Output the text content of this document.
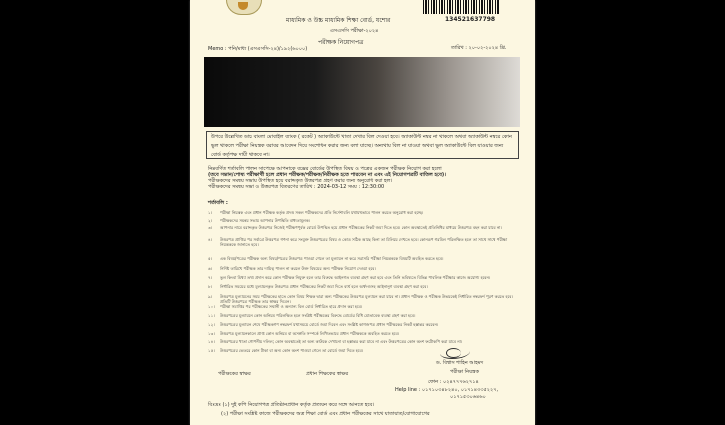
134521637798
মাধ্যমিক ও উচ্চ মাধ্যমিক শিক্ষা বোর্ড, যশোর
এসএসসি পরীক্ষা-২০২৪
Memo : পনি/মাধ্য (এসএসসি-২৪)/১৯২(৬০০০)
পরীক্ষক নিয়োগপত্র
তারিখ : ২০-০২-২০২৪ খ্রি.
উপরে উল্লেখিত ডাচ বাংলা মোবাইল ব্যাংক ( রকেট ) অ্যাকাউন্টে খাতা দেখার বিল দেওয়া হবে। অ্যাকাউন্ট নম্বর না থাকলে অথবা অ্যাকাউন্ট নম্বরে কোন ভুল থাকলে পরীক্ষা নিয়ন্ত্রক বরাবর আবেদন দিয়ে সংশোধন করার জন্য বলা যাচ্ছে। অন্যথায় বিল না যাওয়া অথবা ভুল অ্যাকাউন্টে বিল যাওয়ার জন্য বোর্ড কর্তৃপক্ষ দায়ী থাকবে না।
নিম্নবর্ণিত শর্তাবলি পালন সাপেক্ষে আপনাকে বক্সের বোর্ডের উপস্থিত বিষয় ও পত্রের একজন পরীক্ষক নিয়োগ করা হলো
(তবে সন্তান/পোষ্য পরীক্ষার্থী হলে প্রধান পরীক্ষক/পরীক্ষক/নিরীক্ষক হতে পারবেন না এবং এই নিয়োগপত্রটি বাতিল হবে)।
পরীক্ষকদের সমন্বয় সভায় উপস্থিত হয়ে বরাদ্দকৃত উত্তরপত্র গ্রহণ করার জন্য অনুরোধ করা হল।
পরীক্ষকদের সমন্বয় সভা ও উত্তরপত্র বিতরণের তারিখ : 2024-03-12 সময় : 12:30:00
শর্তাবলি :
১।	পরীক্ষা নিয়ন্ত্রক এবং প্রধান পরীক্ষক কর্তৃক প্রদত্ত সকল পরীক্ষকদের প্রতি নির্দেশাবলি যথাযথভাবে পালন করতে অনুরোধ করা হচ্ছে।
২।	পরীক্ষকদের সমন্বয় সভায় আপনার উপস্থিতি বাধ্যতামূলক।
৩।	আপনার নামে বরাদ্দকৃত উত্তরপত্র নিজেই পরীক্ষণপূর্বক বোর্ডে উপস্থিত হয়ে প্রধান পরীক্ষকের নিকট জমা দিতে হবে। কোন অবস্থাতেই প্রতিনিধির মাধ্যমে উত্তরপত্র বহন করা যাবে না।
৪।	উত্তরপত্র প্রাপ্তির পর সর্বাগ্রে উত্তরপত্র গণনা করে সংযুক্ত উত্তরপত্রের বিষয় ও কোড সঠিক আছে কিনা তা মিলিয়ে দেখতে হবে। কোনরূপ গরমিল পরিলক্ষিত হলে তা সাথে সাথে পরীক্ষা নিয়ন্ত্রককে জানাতে হবে।
৫।	এক বিষয়/পত্রের পরীক্ষক অন্য বিষয়/পত্রের উত্তরপত্র পাওয়া গেলে তা মূল্যায়ন না করে সরাসরি পরীক্ষা নিয়ন্ত্রককে বিষয়টি অবহিত করতে হবে।
৬।	নির্দিষ্ট তারিখে পরীক্ষক তার দায়িত্ব পালন না করলে উক্ত বিষয়ের অন্য পরীক্ষক নিয়োগ দেওয়া হবে।
৭।	ভুল কিংবা মিথ্যা তথ্য প্রদান করে কোন পরীক্ষক নিযুক্ত হলে তার বিরুদ্ধে আইনগত ব্যবস্থা গ্রহণ করা হবে এবং তিনি ভবিষ্যতে বিভিন্ন পাবলিক পরীক্ষার কাজে অযোগ্য হবেন।
৮।	নির্ধারিত সময়ের মধ্যে মূল্যায়নকৃত উত্তরপত্র প্রধান পরীক্ষকের নিকট জমা দিতে ব্যর্থ হলে অর্থদণ্ডসহ আইনানুগ ব্যবস্থা গ্রহণ করা হবে।
৯।	উত্তরপত্র মূল্যায়নের সময় পরীক্ষকের হাতে কোন বিষয় শিক্ষক দ্বারা অন্য পরীক্ষকের উত্তরপত্র মূল্যায়ন করা যাবে না। প্রধান পরীক্ষক ও পরীক্ষক উভয়কেই নির্ধারিত নম্বরফর্দ পূরণ করতে হবে। প্রতিটি উত্তরপত্রে পরীক্ষক তার স্বাক্ষর দিবেন।
১০।	পরীক্ষা সমাপ্তির পর পরীক্ষকের সম্মানী ও অন্যান্য বিল বোর্ড নির্ধারিত হারে প্রদান করা হবে।
১১।	উত্তরপত্রের মূল্যায়নে কোন অনিয়ম পরিলক্ষিত হলে সংশ্লিষ্ট পরীক্ষকের বিরুদ্ধে বোর্ডের বিধি মোতাবেক ব্যবস্থা গ্রহণ করা হবে।
১২।	উত্তরপত্রের মূল্যায়ন শেষে পরীক্ষকগণ নম্বরফর্দ যথাসময়ে বোর্ডে জমা দিবেন এবং সংশ্লিষ্ট কাগজপত্র প্রধান পরীক্ষকের নিকট হস্তান্তর করবেন।
১৩।	উত্তরপত্র মূল্যায়নকালে প্রাপ্ত কোন অনিয়ম বা অসঙ্গতি সম্পর্কে লিখিতভাবে প্রধান পরীক্ষককে অবহিত করতে হবে।
১৪।	উত্তরপত্রের খাতা গোপনীয় দলিল; কোন অবস্থাতেই তা অন্য কাউকে দেখানো বা হস্তান্তর করা যাবে না এবং উত্তরপত্রের কোন অংশ ফটোকপি করা যাবে না।
১৫।	উত্তরপত্রের ভেতরে কোন টাকা বা অন্য কোন অংশ পাওয়া গেলে তা বোর্ডে জমা দিতে হবে।
ড. বিশ্বাস শাহিন আহমদ
পরীক্ষা নিয়ন্ত্রক
ফোন : ০২৪৭৭৭৬২৭১৪
Help line : ০১৭১০৩৪৮২৪০, ০১৭১৪৩৩৫২২৭,
০১৭১৫৩০৬৪৬০
পরীক্ষকের স্বাক্ষর	প্রধান শিক্ষকের স্বাক্ষর
বিঃদ্রঃ (১) দুই কপি নিয়োগপত্র প্রতিষ্ঠানপ্রধান কর্তৃক প্রত্যয়ন করে সঙ্গে আনতে হবে।
(২) পরীক্ষা সংশ্লিষ্ট কাজে পরীক্ষকদের অত্র শিক্ষা বোর্ড এবং প্রধান পরীক্ষকের সাথে যাতায়াত/যোগাযোগের
